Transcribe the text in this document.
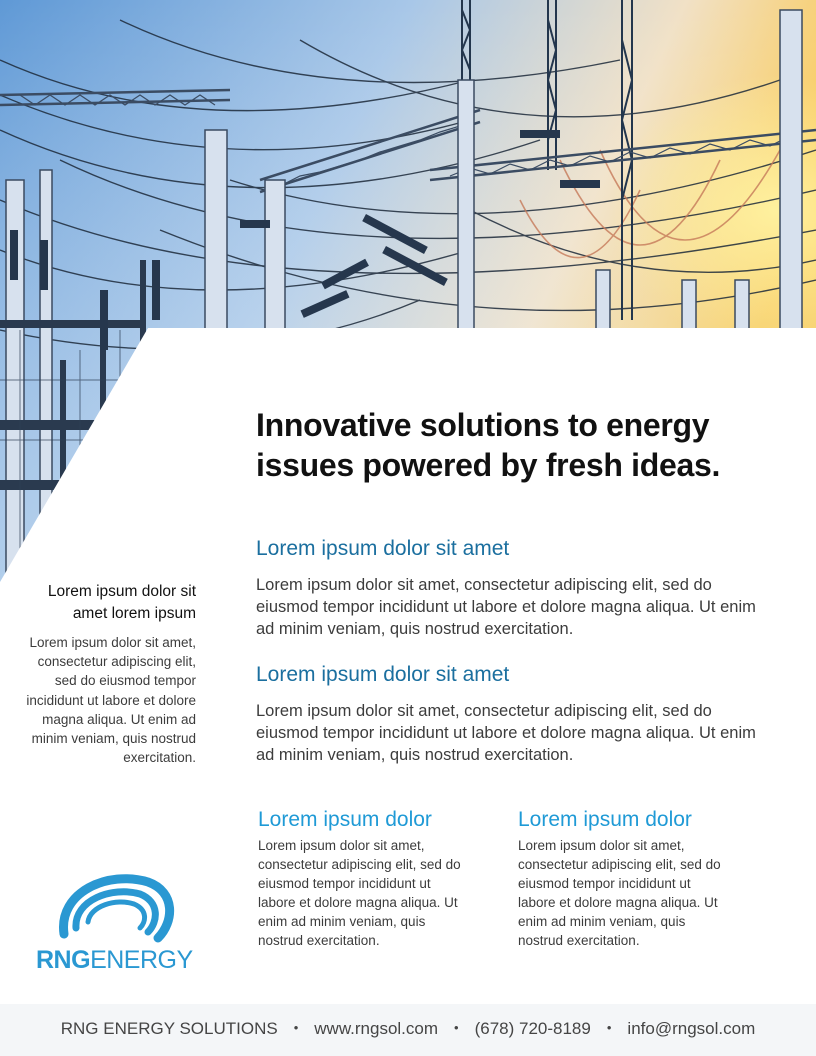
Innovative solutions to energy issues powered by fresh ideas.
Lorem ipsum dolor sit amet
Lorem ipsum dolor sit amet, consectetur adipiscing elit, sed do eiusmod tempor incididunt ut labore et dolore magna aliqua. Ut enim ad minim veniam, quis nostrud exercitation.
Lorem ipsum dolor sit amet
Lorem ipsum dolor sit amet, consectetur adipiscing elit, sed do eiusmod tempor incididunt ut labore et dolore magna aliqua. Ut enim ad minim veniam, quis nostrud exercitation.
Lorem ipsum dolor sit amet lorem ipsum
Lorem ipsum dolor sit amet, consectetur adipiscing elit, sed do eiusmod tempor incididunt ut labore et dolore magna aliqua. Ut enim ad minim veniam, quis nostrud exercitation.
Lorem ipsum dolor
Lorem ipsum dolor sit amet, consectetur adipiscing elit, sed do eiusmod tempor incididunt ut labore et dolore magna aliqua. Ut enim ad minim veniam, quis nostrud exercitation.
Lorem ipsum dolor
Lorem ipsum dolor sit amet, consectetur adipiscing elit, sed do eiusmod tempor incididunt ut labore et dolore magna aliqua. Ut enim ad minim veniam, quis nostrud exercitation.
RNGENERGY
RNG ENERGY SOLUTIONS • www.rngsol.com • (678) 720-8189 • info@rngsol.com
